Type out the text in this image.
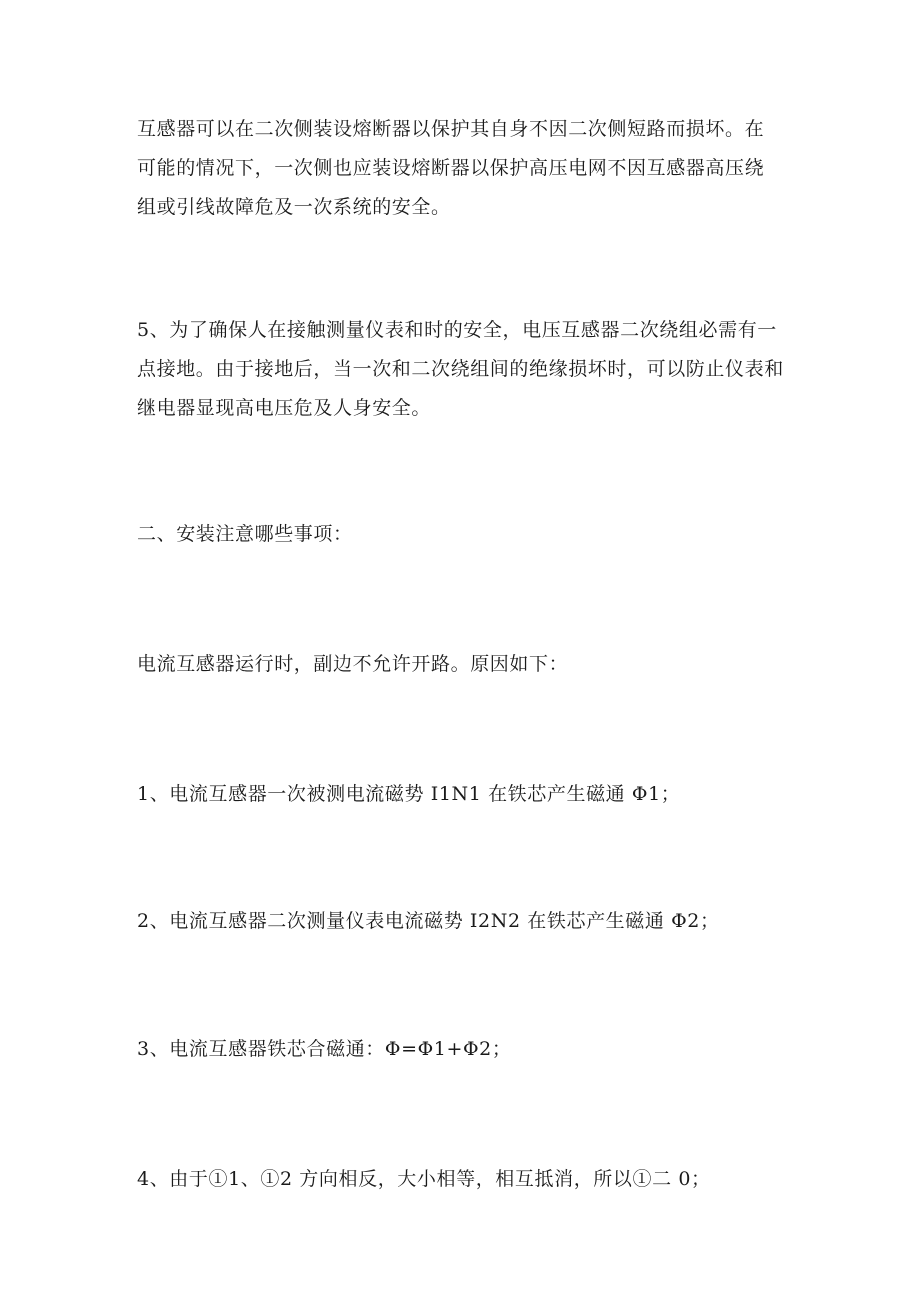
互感器可以在二次侧装设熔断器以保护其自身不因二次侧短路而损坏。在
可能的情况下，一次侧也应装设熔断器以保护高压电网不因互感器高压绕
组或引线故障危及一次系统的安全。

5、为了确保人在接触测量仪表和时的安全，电压互感器二次绕组必需有一
点接地。由于接地后，当一次和二次绕组间的绝缘损坏时，可以防止仪表和
继电器显现高电压危及人身安全。

二、安装注意哪些事项：

电流互感器运行时，副边不允许开路。原因如下：

1、电流互感器一次被测电流磁势 I1N1 在铁芯产生磁通 Φ1；

2、电流互感器二次测量仪表电流磁势 I2N2 在铁芯产生磁通 Φ2；

3、电流互感器铁芯合磁通：Φ=Φ1+Φ2；

4、由于①1、①2 方向相反，大小相等，相互抵消，所以①二 0；
